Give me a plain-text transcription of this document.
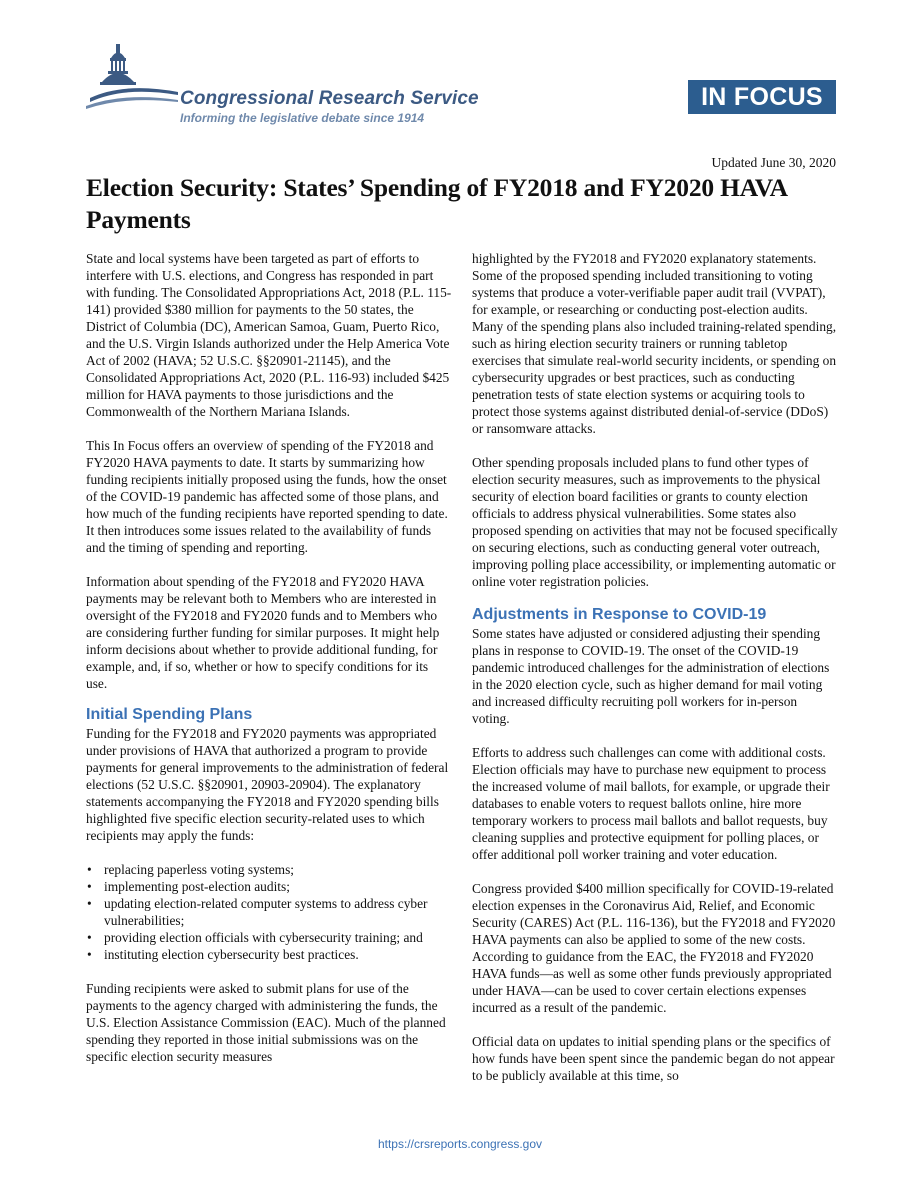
Congressional Research Service
Informing the legislative debate since 1914
IN FOCUS
Updated June 30, 2020
Election Security: States’ Spending of FY2018 and FY2020 HAVA Payments

State and local systems have been targeted as part of efforts to interfere with U.S. elections, and Congress has responded in part with funding. The Consolidated Appropriations Act, 2018 (P.L. 115-141) provided $380 million for payments to the 50 states, the District of Columbia (DC), American Samoa, Guam, Puerto Rico, and the U.S. Virgin Islands authorized under the Help America Vote Act of 2002 (HAVA; 52 U.S.C. §§20901-21145), and the Consolidated Appropriations Act, 2020 (P.L. 116-93) included $425 million for HAVA payments to those jurisdictions and the Commonwealth of the Northern Mariana Islands.

This In Focus offers an overview of spending of the FY2018 and FY2020 HAVA payments to date. It starts by summarizing how funding recipients initially proposed using the funds, how the onset of the COVID-19 pandemic has affected some of those plans, and how much of the funding recipients have reported spending to date. It then introduces some issues related to the availability of funds and the timing of spending and reporting.

Information about spending of the FY2018 and FY2020 HAVA payments may be relevant both to Members who are interested in oversight of the FY2018 and FY2020 funds and to Members who are considering further funding for similar purposes. It might help inform decisions about whether to provide additional funding, for example, and, if so, whether or how to specify conditions for its use.

Initial Spending Plans

Funding for the FY2018 and FY2020 payments was appropriated under provisions of HAVA that authorized a program to provide payments for general improvements to the administration of federal elections (52 U.S.C. §§20901, 20903-20904). The explanatory statements accompanying the FY2018 and FY2020 spending bills highlighted five specific election security-related uses to which recipients may apply the funds:

• replacing paperless voting systems;
• implementing post-election audits;
• updating election-related computer systems to address cyber vulnerabilities;
• providing election officials with cybersecurity training; and
• instituting election cybersecurity best practices.

Funding recipients were asked to submit plans for use of the payments to the agency charged with administering the funds, the U.S. Election Assistance Commission (EAC). Much of the planned spending they reported in those initial submissions was on the specific election security measures

highlighted by the FY2018 and FY2020 explanatory statements. Some of the proposed spending included transitioning to voting systems that produce a voter-verifiable paper audit trail (VVPAT), for example, or researching or conducting post-election audits. Many of the spending plans also included training-related spending, such as hiring election security trainers or running tabletop exercises that simulate real-world security incidents, or spending on cybersecurity upgrades or best practices, such as conducting penetration tests of state election systems or acquiring tools to protect those systems against distributed denial-of-service (DDoS) or ransomware attacks.

Other spending proposals included plans to fund other types of election security measures, such as improvements to the physical security of election board facilities or grants to county election officials to address physical vulnerabilities. Some states also proposed spending on activities that may not be focused specifically on securing elections, such as conducting general voter outreach, improving polling place accessibility, or implementing automatic or online voter registration policies.

Adjustments in Response to COVID-19

Some states have adjusted or considered adjusting their spending plans in response to COVID-19. The onset of the COVID-19 pandemic introduced challenges for the administration of elections in the 2020 election cycle, such as higher demand for mail voting and increased difficulty recruiting poll workers for in-person voting.

Efforts to address such challenges can come with additional costs. Election officials may have to purchase new equipment to process the increased volume of mail ballots, for example, or upgrade their databases to enable voters to request ballots online, hire more temporary workers to process mail ballots and ballot requests, buy cleaning supplies and protective equipment for polling places, or offer additional poll worker training and voter education.

Congress provided $400 million specifically for COVID-19-related election expenses in the Coronavirus Aid, Relief, and Economic Security (CARES) Act (P.L. 116-136), but the FY2018 and FY2020 HAVA payments can also be applied to some of the new costs. According to guidance from the EAC, the FY2018 and FY2020 HAVA funds—as well as some other funds previously appropriated under HAVA—can be used to cover certain elections expenses incurred as a result of the pandemic.

Official data on updates to initial spending plans or the specifics of how funds have been spent since the pandemic began do not appear to be publicly available at this time, so

https://crsreports.congress.gov
